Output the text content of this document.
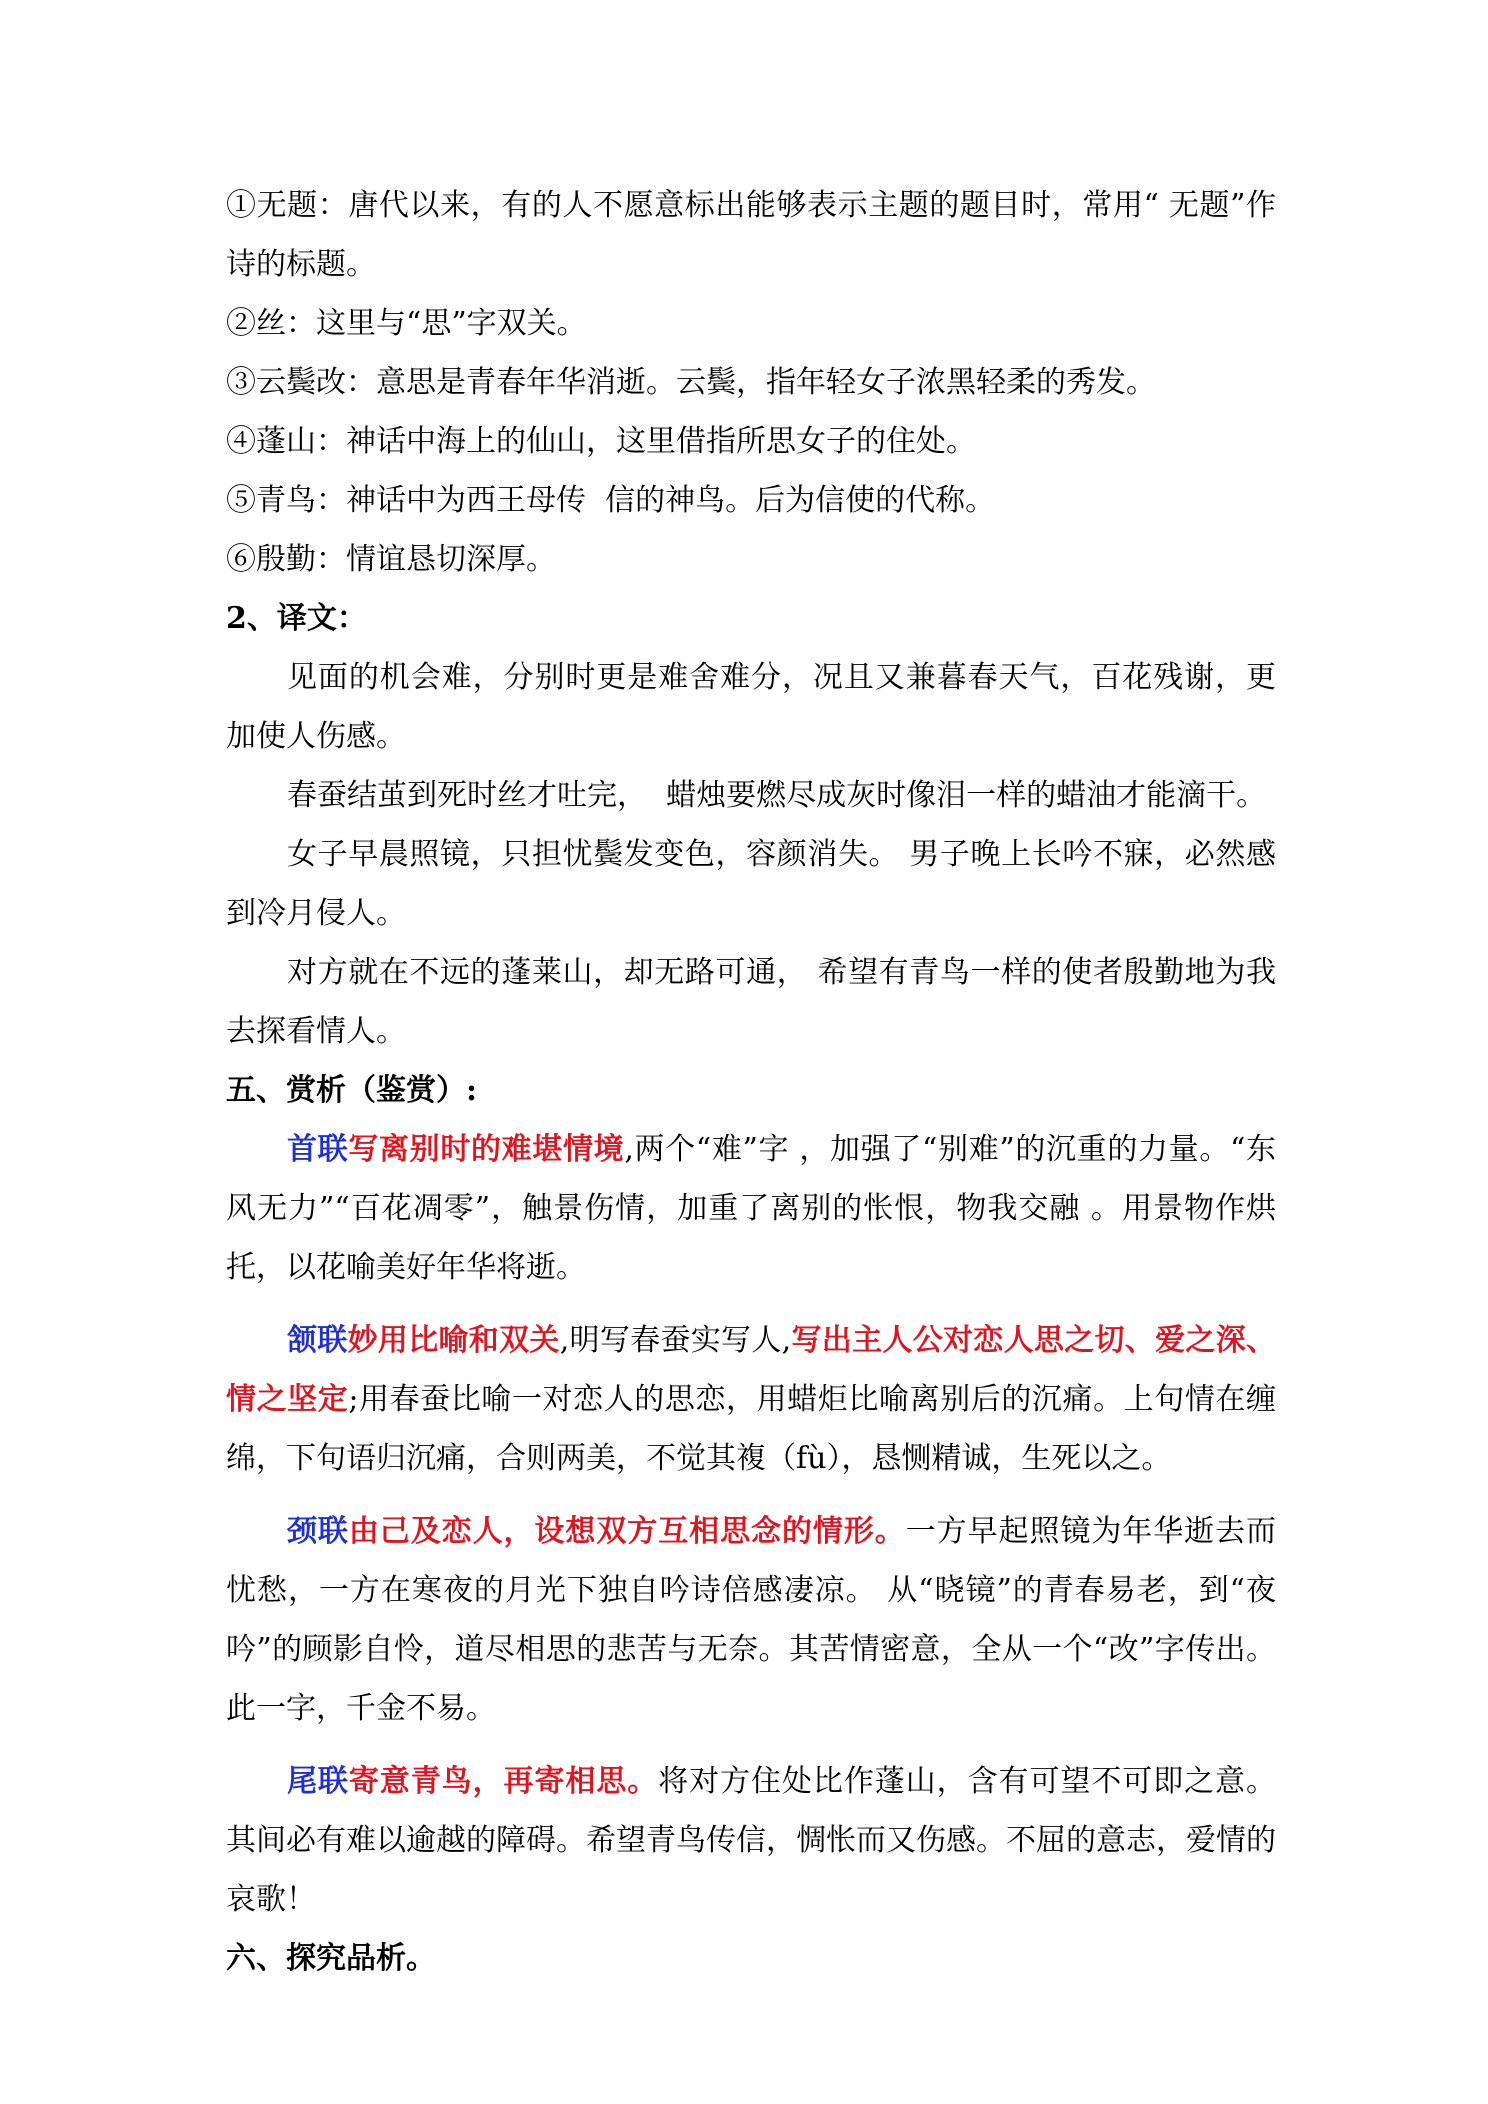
①无题：唐代以来，有的人不愿意标出能够表示主题的题目时，常用“ 无题”作诗的标题。

②丝：这里与“思”字双关。

③云鬓改：意思是青春年华消逝。云鬓，指年轻女子浓黑轻柔的秀发。

④蓬山：神话中海上的仙山，这里借指所思女子的住处。

⑤青鸟：神话中为西王母传  信的神鸟。后为信使的代称。

⑥殷勤：情谊恳切深厚。

2、译文：

见面的机会难，分别时更是难舍难分，况且又兼暮春天气，百花残谢，更加使人伤感。

春蚕结茧到死时丝才吐完，  蜡烛要燃尽成灰时像泪一样的蜡油才能滴干。

女子早晨照镜，只担忧鬓发变色，容颜消失。 男子晚上长吟不寐，必然感到冷月侵人。

对方就在不远的蓬莱山，却无路可通， 希望有青鸟一样的使者殷勤地为我去探看情人。

五、赏析（鉴赏）:

首联写离别时的难堪情境,两个“难”字 ，加强了“别难”的沉重的力量。“东风无力”“百花凋零”，触景伤情，加重了离别的怅恨，物我交融 。用景物作烘托，以花喻美好年华将逝。

颔联妙用比喻和双关,明写春蚕实写人,写出主人公对恋人思之切、爱之深、情之坚定;用春蚕比喻一对恋人的思恋，用蜡炬比喻离别后的沉痛。上句情在缠绵，下句语归沉痛，合则两美，不觉其複（fù），恳恻精诚，生死以之。

颈联由己及恋人，设想双方互相思念的情形。一方早起照镜为年华逝去而忧愁，一方在寒夜的月光下独自吟诗倍感凄凉。 从“晓镜”的青春易老，到“夜吟”的顾影自怜，道尽相思的悲苦与无奈。其苦情密意，全从一个“改”字传出。此一字，千金不易。

尾联寄意青鸟，再寄相思。将对方住处比作蓬山，含有可望不可即之意。其间必有难以逾越的障碍。希望青鸟传信，惆怅而又伤感。不屈的意志，爱情的哀歌！

六、探究品析。
